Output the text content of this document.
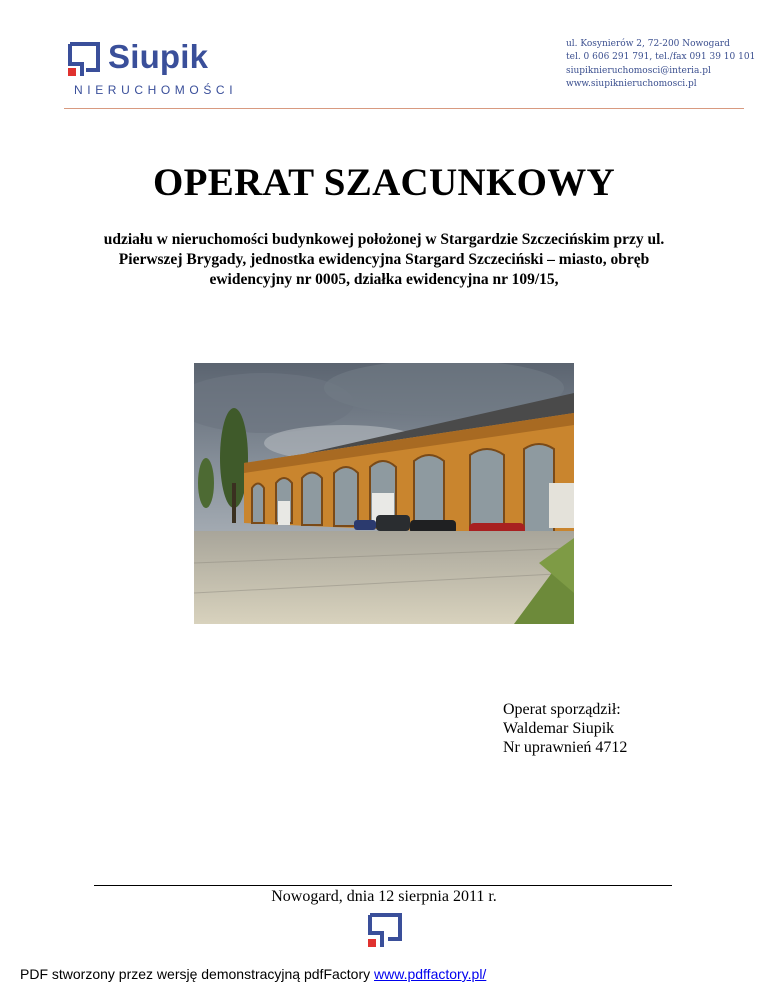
Siupik
NIERUCHOMOŚCI
ul. Kosynierów 2, 72-200 Nowogard
tel. 0 606 291 791, tel./fax 091 39 10 101
siupiknieruchomosci@interia.pl
www.siupiknieruchomosci.pl
OPERAT SZACUNKOWY
udziału w nieruchomości budynkowej położonej w Stargardzie Szczecińskim przy ul. Pierwszej Brygady, jednostka ewidencyjna Stargard Szczeciński – miasto, obręb ewidencyjny nr 0005, działka ewidencyjna nr 109/15,
Operat sporządził:
Waldemar Siupik
Nr uprawnień 4712
Nowogard, dnia 12 sierpnia 2011 r.
PDF stworzony przez wersję demonstracyjną pdfFactory www.pdffactory.pl/
